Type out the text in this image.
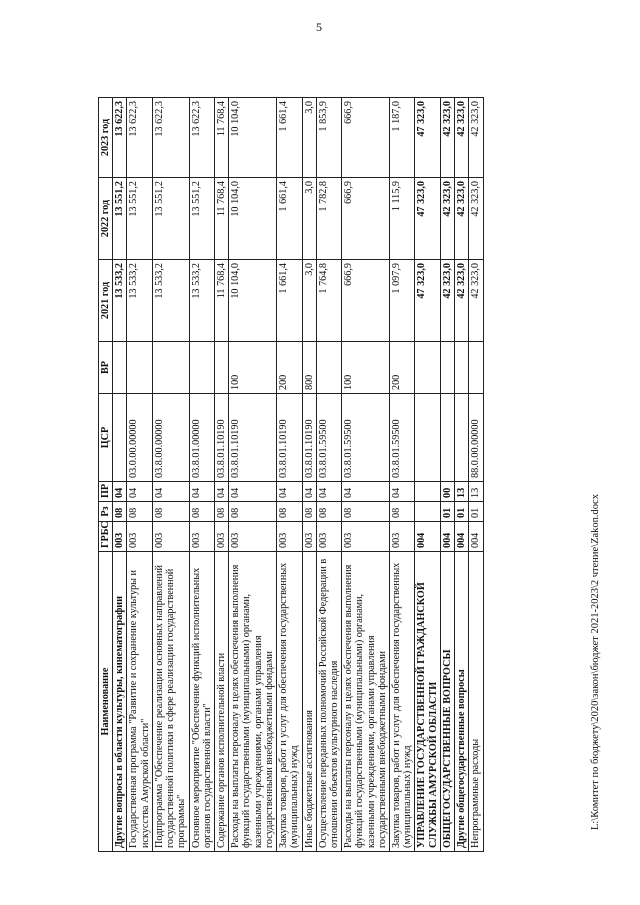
5
Наименование	ГРБС	Рз	ПР	ЦСР	ВР	2021 год	2022 год	2023 год
Другие вопросы в области культуры, кинематографии	003	08	04			13 533,2	13 551,2	13 622,3
Государственная программа "Развитие и сохранение культуры и искусства Амурской области"	003	08	04	03.0.00.00000		13 533,2	13 551,2	13 622,3
Подпрограмма "Обеспечение реализации основных направлений государственной политики в сфере реализации государственной программы"	003	08	04	03.8.00.00000		13 533,2	13 551,2	13 622,3
Основное мероприятие "Обеспечение функций исполнительных органов государственной власти"	003	08	04	03.8.01.00000		13 533,2	13 551,2	13 622,3
Содержание органов исполнительной власти	003	08	04	03.8.01.10190		11 768,4	11 768,4	11 768,4
Расходы на выплаты персоналу в целях обеспечения выполнения функций государственными (муниципальными) органами, казенными учреждениями, органами управления государственными внебюджетными фондами	003	08	04	03.8.01.10190	100	10 104,0	10 104,0	10 104,0
Закупка товаров, работ и услуг для обеспечения государственных (муниципальных) нужд	003	08	04	03.8.01.10190	200	1 661,4	1 661,4	1 661,4
Иные бюджетные ассигнования	003	08	04	03.8.01.10190	800	3,0	3,0	3,0
Осуществление переданных полномочий Российской Федерации в отношении объектов культурного наследия	003	08	04	03.8.01.59500		1 764,8	1 782,8	1 853,9
Расходы на выплаты персоналу в целях обеспечения выполнения функций государственными (муниципальными) органами, казенными учреждениями, органами управления государственными внебюджетными фондами	003	08	04	03.8.01.59500	100	666,9	666,9	666,9
Закупка товаров, работ и услуг для обеспечения государственных (муниципальных) нужд	003	08	04	03.8.01.59500	200	1 097,9	1 115,9	1 187,0
УПРАВЛЕНИЕ ГОСУДАРСТВЕННОЙ ГРАЖДАНСКОЙ СЛУЖБЫ АМУРСКОЙ ОБЛАСТИ	004					47 323,0	47 323,0	47 323,0
ОБЩЕГОСУДАРСТВЕННЫЕ ВОПРОСЫ	004	01	00			42 323,0	42 323,0	42 323,0
Другие общегосударственные вопросы	004	01	13			42 323,0	42 323,0	42 323,0
Непрограммные расходы	004	01	13	88.0.00.00000		42 323,0	42 323,0	42 323,0
L:\Комитет по бюджету\2020\закон\бюджет 2021-2023\2 чтение\Zakon.docx
